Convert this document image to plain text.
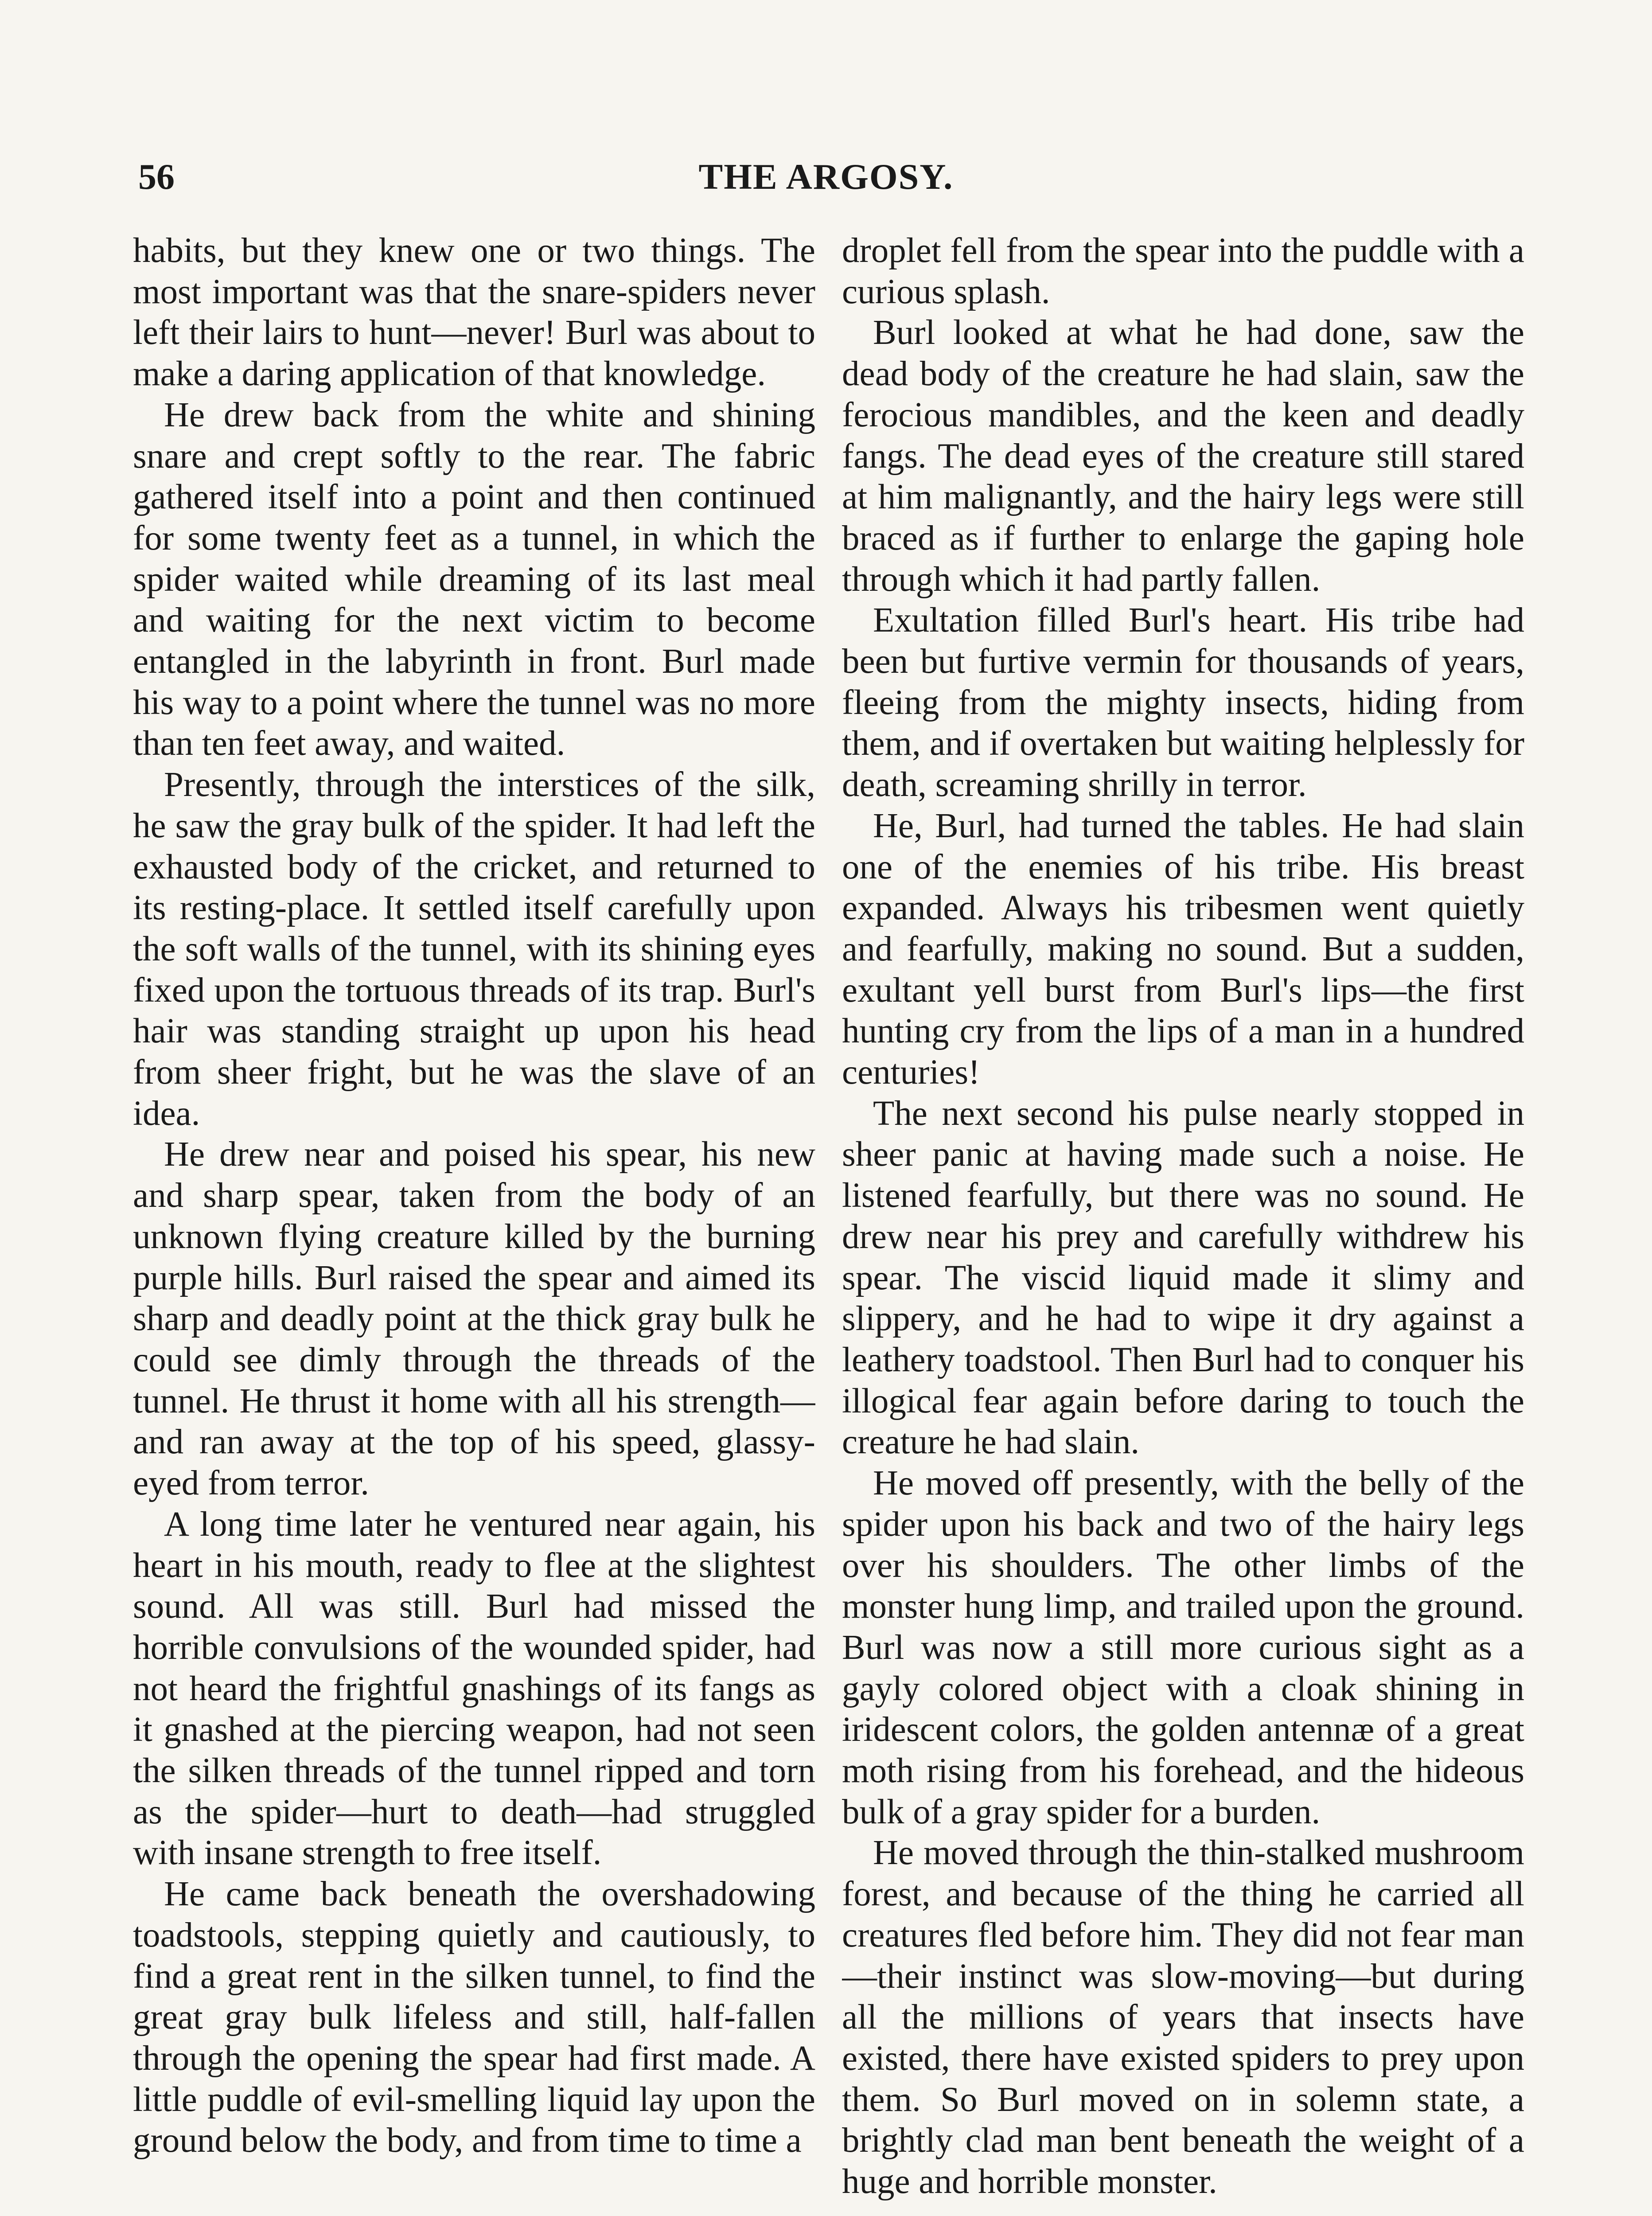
56	THE ARGOSY.

habits, but they knew one or two things. The most important was that the snare-spiders never left their lairs to hunt—never! Burl was about to make a daring application of that knowledge.

He drew back from the white and shining snare and crept softly to the rear. The fabric gathered itself into a point and then continued for some twenty feet as a tunnel, in which the spider waited while dreaming of its last meal and waiting for the next victim to become entangled in the labyrinth in front. Burl made his way to a point where the tunnel was no more than ten feet away, and waited.

Presently, through the interstices of the silk, he saw the gray bulk of the spider. It had left the exhausted body of the cricket, and returned to its resting-place. It settled itself carefully upon the soft walls of the tunnel, with its shining eyes fixed upon the tortuous threads of its trap. Burl's hair was standing straight up upon his head from sheer fright, but he was the slave of an idea.

He drew near and poised his spear, his new and sharp spear, taken from the body of an unknown flying creature killed by the burning purple hills. Burl raised the spear and aimed its sharp and deadly point at the thick gray bulk he could see dimly through the threads of the tunnel. He thrust it home with all his strength—and ran away at the top of his speed, glassy-eyed from terror.

A long time later he ventured near again, his heart in his mouth, ready to flee at the slightest sound. All was still. Burl had missed the horrible convulsions of the wounded spider, had not heard the frightful gnashings of its fangs as it gnashed at the piercing weapon, had not seen the silken threads of the tunnel ripped and torn as the spider—hurt to death—had struggled with insane strength to free itself.

He came back beneath the overshadowing toadstools, stepping quietly and cautiously, to find a great rent in the silken tunnel, to find the great gray bulk lifeless and still, half-fallen through the opening the spear had first made. A little puddle of evil-smelling liquid lay upon the ground below the body, and from time to time a

droplet fell from the spear into the puddle with a curious splash.

Burl looked at what he had done, saw the dead body of the creature he had slain, saw the ferocious mandibles, and the keen and deadly fangs. The dead eyes of the creature still stared at him malignantly, and the hairy legs were still braced as if further to enlarge the gaping hole through which it had partly fallen.

Exultation filled Burl's heart. His tribe had been but furtive vermin for thousands of years, fleeing from the mighty insects, hiding from them, and if overtaken but waiting helplessly for death, screaming shrilly in terror.

He, Burl, had turned the tables. He had slain one of the enemies of his tribe. His breast expanded. Always his tribesmen went quietly and fearfully, making no sound. But a sudden, exultant yell burst from Burl's lips—the first hunting cry from the lips of a man in a hundred centuries!

The next second his pulse nearly stopped in sheer panic at having made such a noise. He listened fearfully, but there was no sound. He drew near his prey and carefully withdrew his spear. The viscid liquid made it slimy and slippery, and he had to wipe it dry against a leathery toadstool. Then Burl had to conquer his illogical fear again before daring to touch the creature he had slain.

He moved off presently, with the belly of the spider upon his back and two of the hairy legs over his shoulders. The other limbs of the monster hung limp, and trailed upon the ground. Burl was now a still more curious sight as a gayly colored object with a cloak shining in iridescent colors, the golden antennæ of a great moth rising from his forehead, and the hideous bulk of a gray spider for a burden.

He moved through the thin-stalked mushroom forest, and because of the thing he carried all creatures fled before him. They did not fear man—their instinct was slow-moving—but during all the millions of years that insects have existed, there have existed spiders to prey upon them. So Burl moved on in solemn state, a brightly clad man bent beneath the weight of a huge and horrible monster.
